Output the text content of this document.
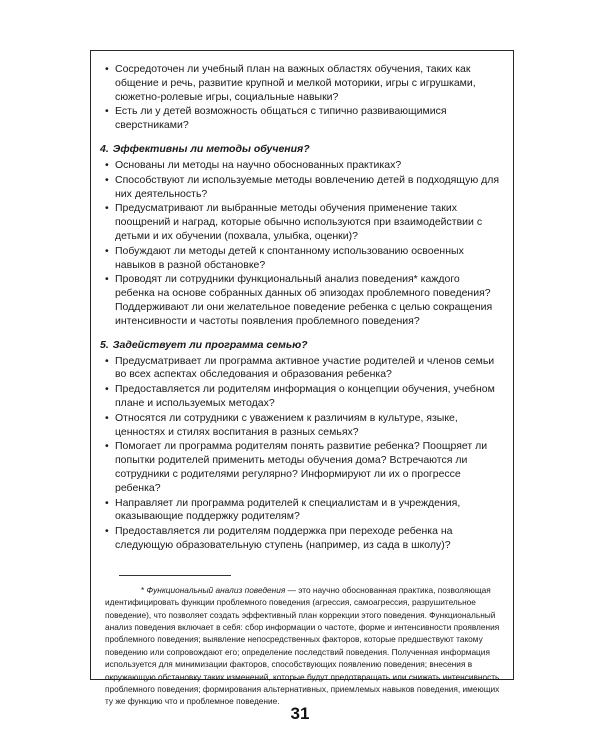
• Сосредоточен ли учебный план на важных областях обучения, таких как общение и речь, развитие крупной и мелкой моторики, игры с игрушками, сюжетно-ролевые игры, социальные навыки?
• Есть ли у детей возможность общаться с типично развивающимися сверстниками?
4. Эффективны ли методы обучения?
• Основаны ли методы на научно обоснованных практиках?
• Способствуют ли используемые методы вовлечению детей в подходящую для них деятельность?
• Предусматривают ли выбранные методы обучения применение таких поощрений и наград, которые обычно используются при взаимодействии с детьми и их обучении (похвала, улыбка, оценки)?
• Побуждают ли методы детей к спонтанному использованию освоенных навыков в разной обстановке?
• Проводят ли сотрудники функциональный анализ поведения* каждого ребенка на основе собранных данных об эпизодах проблемного поведения? Поддерживают ли они желательное поведение ребенка с целью сокращения интенсивности и частоты появления проблемного поведения?
5. Задействует ли программа семью?
• Предусматривает ли программа активное участие родителей и членов семьи во всех аспектах обследования и образования ребенка?
• Предоставляется ли родителям информация о концепции обучения, учебном плане и используемых методах?
• Относятся ли сотрудники с уважением к различиям в культуре, языке, ценностях и стилях воспитания в разных семьях?
• Помогает ли программа родителям понять развитие ребенка? Поощряет ли попытки родителей применить методы обучения дома? Встречаются ли сотрудники с родителями регулярно? Информируют ли их о прогрессе ребенка?
• Направляет ли программа родителей к специалистам и в учреждения, оказывающие поддержку родителям?
• Предоставляется ли родителям поддержка при переходе ребенка на следующую образовательную ступень (например, из сада в школу)?

* Функциональный анализ поведения — это научно обоснованная практика, позволяющая идентифицировать функции проблемного поведения (агрессия, самоагрессия, разрушительное поведение), что позволяет создать эффективный план коррекции этого поведения. Функциональный анализ поведения включает в себя: сбор информации о частоте, форме и интенсивности проявления проблемного поведения; выявление непосредственных факторов, которые предшествуют такому поведению или сопровождают его; определение последствий поведения. Полученная информация используется для минимизации факторов, способствующих появлению поведения; внесения в окружающую обстановку таких изменений, которые будут предотвращать или снижать интенсивность проблемного поведения; формирования альтернативных, приемлемых навыков поведения, имеющих ту же функцию что и проблемное поведение.

31
